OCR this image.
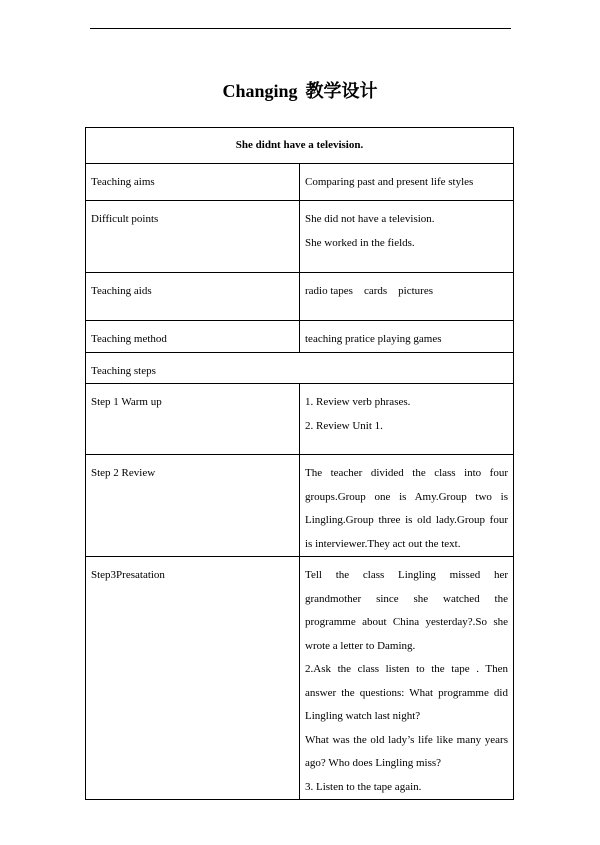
Changing 教学设计
She didnt have a television.	
Teaching aims	Comparing past and present life styles
Difficult points	She did not have a television.
She worked in the fields.

Teaching aids	radio tapes    cards    pictures
Teaching method	teaching pratice playing games
Teaching steps	
Step 1 Warm up	1. Review verb phrases.
2. Review Unit 1.

Step 2 Review	The teacher divided the class into four groups.Group one is Amy.Group two is Lingling.Group three is old lady.Group four is interviewer.They act out the text.
Step3Presatation	Tell the class Lingling missed her grandmother since she watched the programme about China yesterday?.So she wrote a letter to Daming.
2.Ask the class listen to the tape . Then answer the questions: What programme did Lingling watch last night?
What was the old lady’s life like many years ago? Who does Lingling miss?
3. Listen to the tape again.
